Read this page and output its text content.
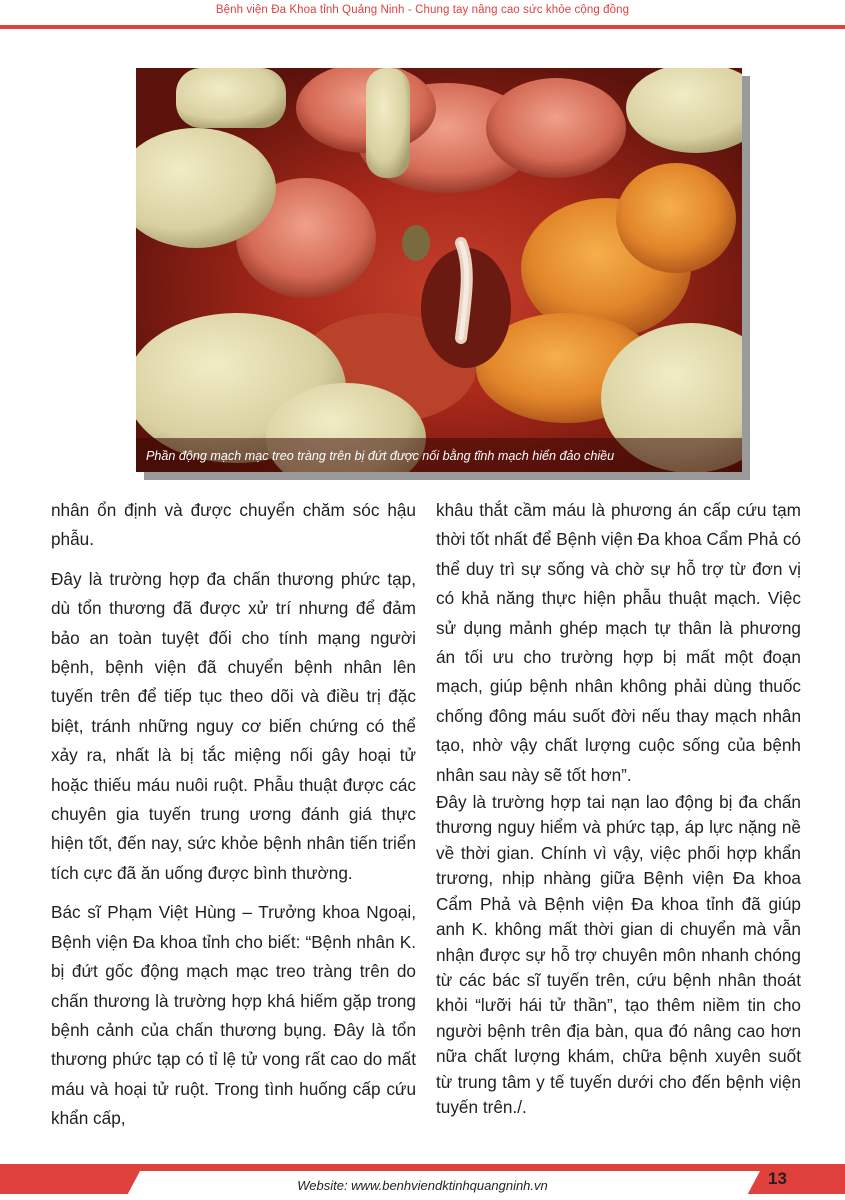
Bệnh viện Đa Khoa tỉnh Quảng Ninh - Chung tay nâng cao sức khỏe cộng đồng
Phần động mạch mạc treo tràng trên bị đứt được nối bằng tĩnh mạch hiển đảo chiều

nhân ổn định và được chuyển chăm sóc hậu phẫu.

Đây là trường hợp đa chấn thương phức tạp, dù tổn thương đã được xử trí nhưng để đảm bảo an toàn tuyệt đối cho tính mạng người bệnh, bệnh viện đã chuyển bệnh nhân lên tuyến trên để tiếp tục theo dõi và điều trị đặc biệt, tránh những nguy cơ biến chứng có thể xảy ra, nhất là bị tắc miệng nối gây hoại tử hoặc thiếu máu nuôi ruột. Phẫu thuật được các chuyên gia tuyến trung ương đánh giá thực hiện tốt, đến nay, sức khỏe bệnh nhân tiến triển tích cực đã ăn uống được bình thường.

Bác sĩ Phạm Việt Hùng – Trưởng khoa Ngoại, Bệnh viện Đa khoa tỉnh cho biết: “Bệnh nhân K. bị đứt gốc động mạch mạc treo tràng trên do chấn thương là trường hợp khá hiếm gặp trong bệnh cảnh của chấn thương bụng. Đây là tổn thương phức tạp có tỉ lệ tử vong rất cao do mất máu và hoại tử ruột. Trong tình huống cấp cứu khẩn cấp,

khâu thắt cầm máu là phương án cấp cứu tạm thời tốt nhất để Bệnh viện Đa khoa Cẩm Phả có thể duy trì sự sống và chờ sự hỗ trợ từ đơn vị có khả năng thực hiện phẫu thuật mạch. Việc sử dụng mảnh ghép mạch tự thân là phương án tối ưu cho trường hợp bị mất một đoạn mạch, giúp bệnh nhân không phải dùng thuốc chống đông máu suốt đời nếu thay mạch nhân tạo, nhờ vậy chất lượng cuộc sống của bệnh nhân sau này sẽ tốt hơn”.

Đây là trường hợp tai nạn lao động bị đa chấn thương nguy hiểm và phức tạp, áp lực nặng nề về thời gian. Chính vì vậy, việc phối hợp khẩn trương, nhịp nhàng giữa Bệnh viện Đa khoa Cẩm Phả và Bệnh viện Đa khoa tỉnh đã giúp anh K. không mất thời gian di chuyển mà vẫn nhận được sự hỗ trợ chuyên môn nhanh chóng từ các bác sĩ tuyến trên, cứu bệnh nhân thoát khỏi “lưỡi hái tử thần”, tạo thêm niềm tin cho người bệnh trên địa bàn, qua đó nâng cao hơn nữa chất lượng khám, chữa bệnh xuyên suốt từ trung tâm y tế tuyến dưới cho đến bệnh viện tuyến trên./.

Website: www.benhviendktinhquangninh.vn	13
